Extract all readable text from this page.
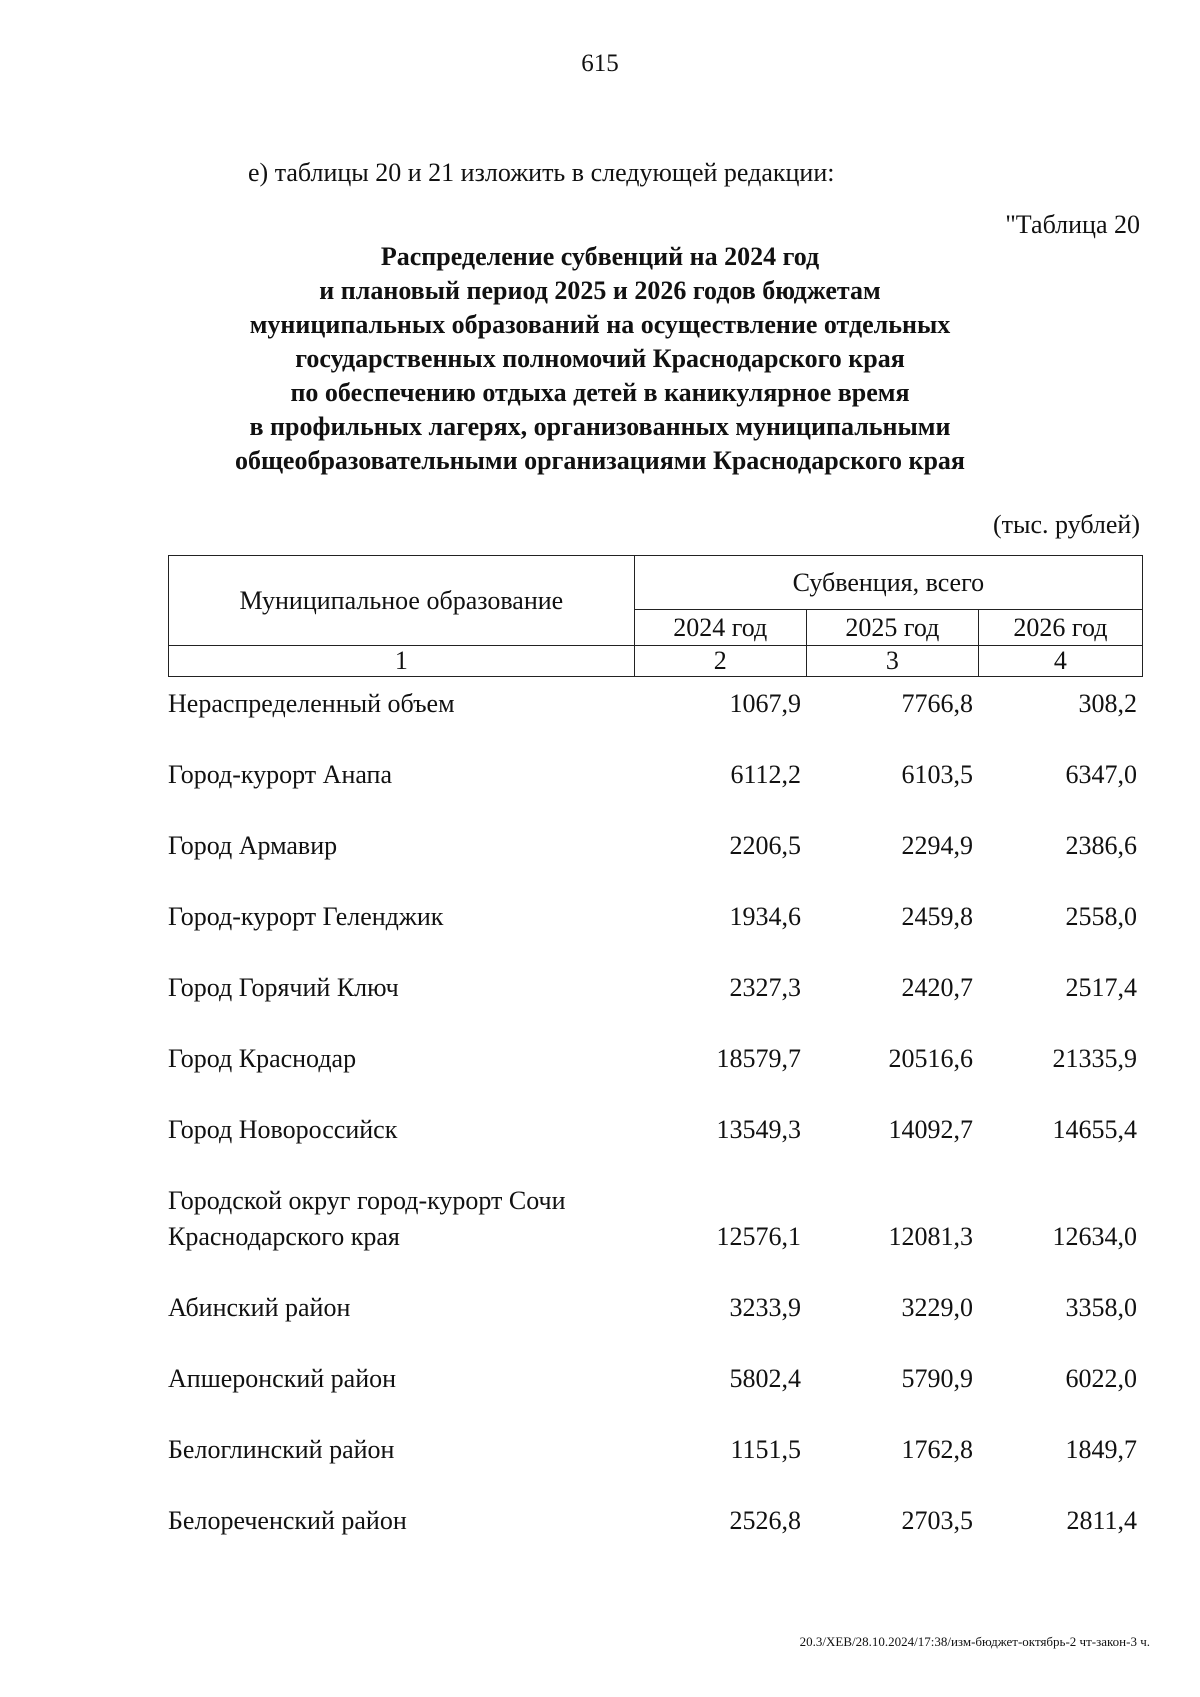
615
е) таблицы 20 и 21 изложить в следующей редакции:
"Таблица 20
Распределение субвенций на 2024 год
и плановый период 2025 и 2026 годов бюджетам
муниципальных образований на осуществление отдельных
государственных полномочий Краснодарского края
по обеспечению отдыха детей в каникулярное время
в профильных лагерях, организованных муниципальными
общеобразовательными организациями Краснодарского края
(тыс. рублей)
Муниципальное образование	Субвенция, всего		
	2024 год	2025 год	2026 год
1	2	3	4
Нераспределенный объем	1067,9	7766,8	308,2
Город-курорт Анапа	6112,2	6103,5	6347,0
Город Армавир	2206,5	2294,9	2386,6
Город-курорт Геленджик	1934,6	2459,8	2558,0
Город Горячий Ключ	2327,3	2420,7	2517,4
Город Краснодар	18579,7	20516,6	21335,9
Город Новороссийск	13549,3	14092,7	14655,4
Городской округ город-курорт Сочи
Краснодарского края	12576,1	12081,3	12634,0
Абинский район	3233,9	3229,0	3358,0
Апшеронский район	5802,4	5790,9	6022,0
Белоглинский район	1151,5	1762,8	1849,7
Белореченский район	2526,8	2703,5	2811,4
20.3/ХЕВ/28.10.2024/17:38/изм-бюджет-октябрь-2 чт-закон-3 ч.
